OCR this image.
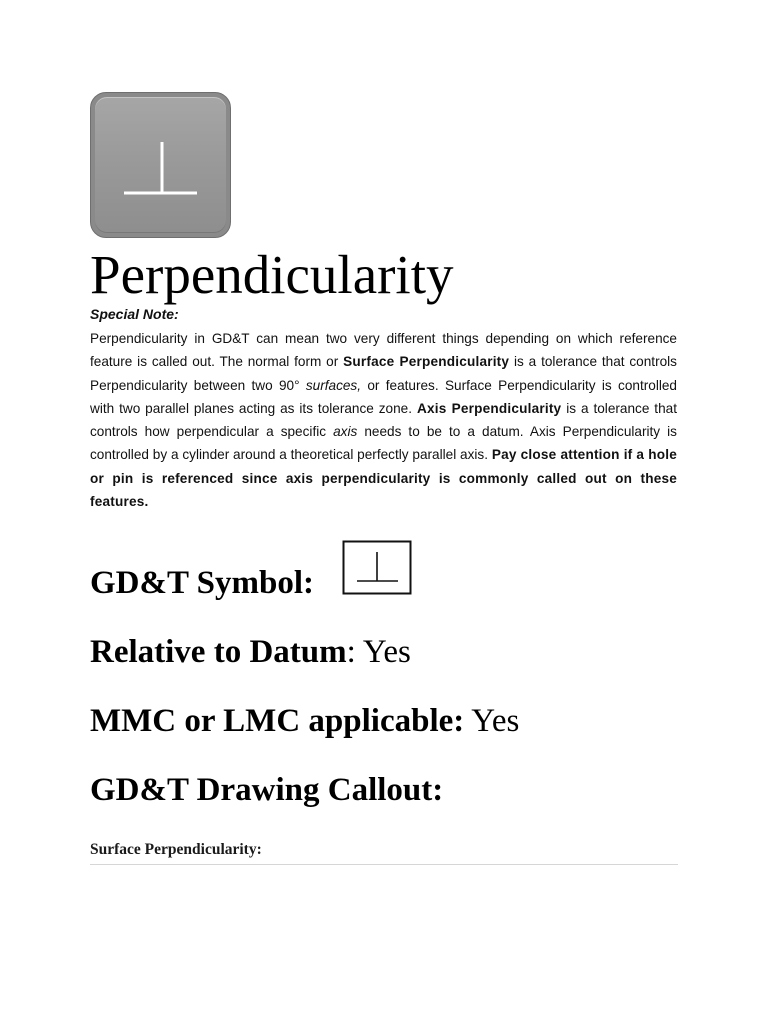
Perpendicularity
Special Note:

Perpendicularity in GD&T can mean two very different things depending on which reference feature is called out. The normal form or Surface Perpendicularity is a tolerance that controls Perpendicularity between two 90° surfaces, or features. Surface Perpendicularity is controlled with two parallel planes acting as its tolerance zone. Axis Perpendicularity is a tolerance that controls how perpendicular a specific axis needs to be to a datum. Axis Perpendicularity is controlled by a cylinder around a theoretical perfectly parallel axis. Pay close attention if a hole or pin is referenced since axis perpendicularity is commonly called out on these features.

GD&T Symbol:
Relative to Datum: Yes
MMC or LMC applicable: Yes
GD&T Drawing Callout:
Surface Perpendicularity:
